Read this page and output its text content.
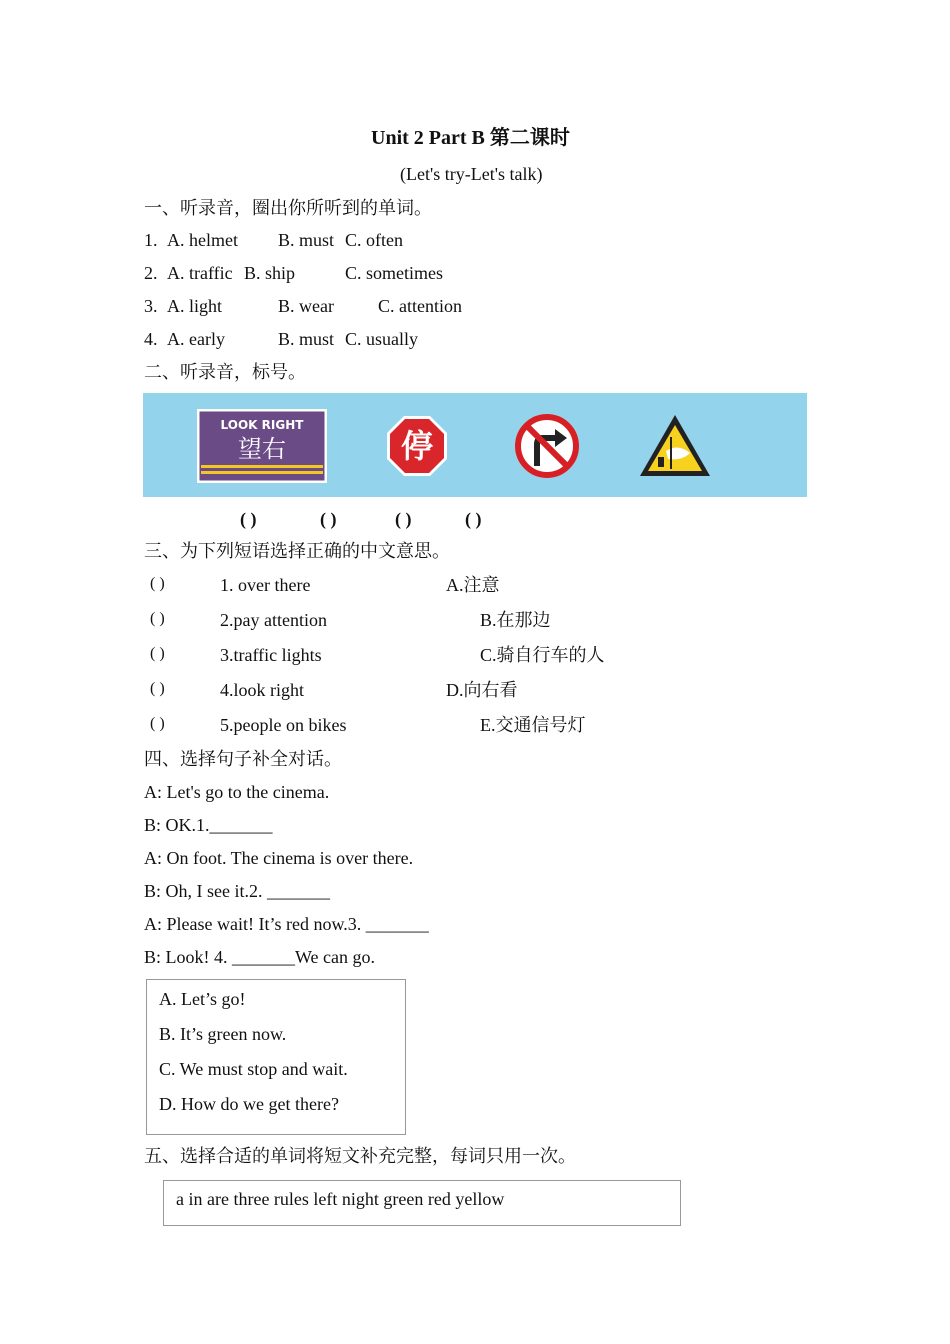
Unit 2 Part B 第二课时
(Let's try-Let's talk)
一、听录音，圈出你所听到的单词。
1. A. helmet B. must C. often
2. A. traffic B. ship	C. sometimes
3. A. light	B. wear C. attention
4. A. early	B. must C. usually
二、听录音，标号。
LOOK RIGHT
望右	停
( )	( )	( )	( )
三、为下列短语选择正确的中文意思。
( )	1. over there	A.注意
( )	2.pay attention	B.在那边
( )	3.traffic lights	C.骑自行车的人
( )	4.look right	D.向右看
( )	5.people on bikes	E.交通信号灯
四、选择句子补全对话。
A: Let's go to the cinema.
B: OK.1._______
A: On foot. The cinema is over there.
B: Oh, I see it.2. _______
A: Please wait! It’s red now.3. _______
B: Look! 4. _______We can go.
A. Let’s go!
B. It’s green now.
C. We must stop and wait.
D. How do we get there?
五、选择合适的单词将短文补充完整，每词只用一次。
a in are three rules left night green red yellow
